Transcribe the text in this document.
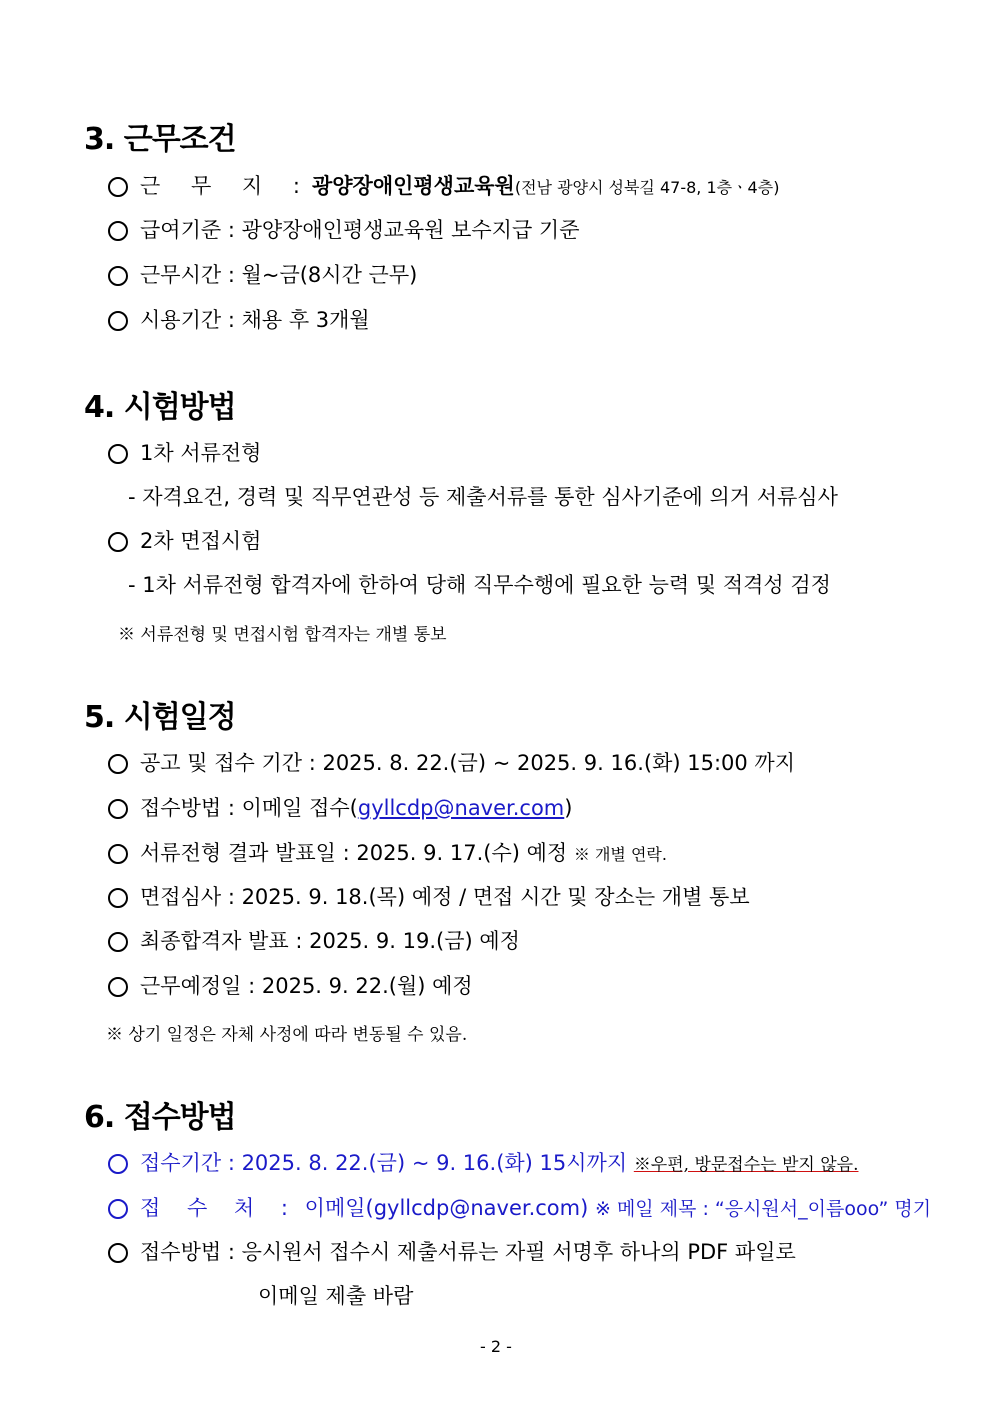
3. 근무조건
근 무 지 :광양장애인평생교육원(전남 광양시 성북길 47-8, 1층ㆍ4층)
급여기준 : 광양장애인평생교육원 보수지급 기준
근무시간 : 월~금(8시간 근무)
시용기간 : 채용 후 3개월
4. 시험방법
1차 서류전형
- 자격요건, 경력 및 직무연관성 등 제출서류를 통한 심사기준에 의거 서류심사
2차 면접시험
- 1차 서류전형 합격자에 한하여 당해 직무수행에 필요한 능력 및 적격성 검정
※ 서류전형 및 면접시험 합격자는 개별 통보
5. 시험일정
공고 및 접수 기간 : 2025. 8. 22.(금) ~ 2025. 9. 16.(화) 15:00 까지
접수방법 : 이메일 접수(gyllcdp@naver.com)
서류전형 결과 발표일 : 2025. 9. 17.(수) 예정 ※ 개별 연락.
면접심사 : 2025. 9. 18.(목) 예정 / 면접 시간 및 장소는 개별 통보
최종합격자 발표 : 2025. 9. 19.(금) 예정
근무예정일 : 2025. 9. 22.(월) 예정
※ 상기 일정은 자체 사정에 따라 변동될 수 있음.
6. 접수방법
접수기간 : 2025. 8. 22.(금) ~ 9. 16.(화) 15시까지 ※우편, 방문접수는 받지 않음.
접 수 처 : 이메일(gyllcdp@naver.com) ※ 메일 제목 : “응시원서_이름ooo” 명기
접수방법 : 응시원서 접수시 제출서류는 자필 서명후 하나의 PDF 파일로
이메일 제출 바람
- 2 -
